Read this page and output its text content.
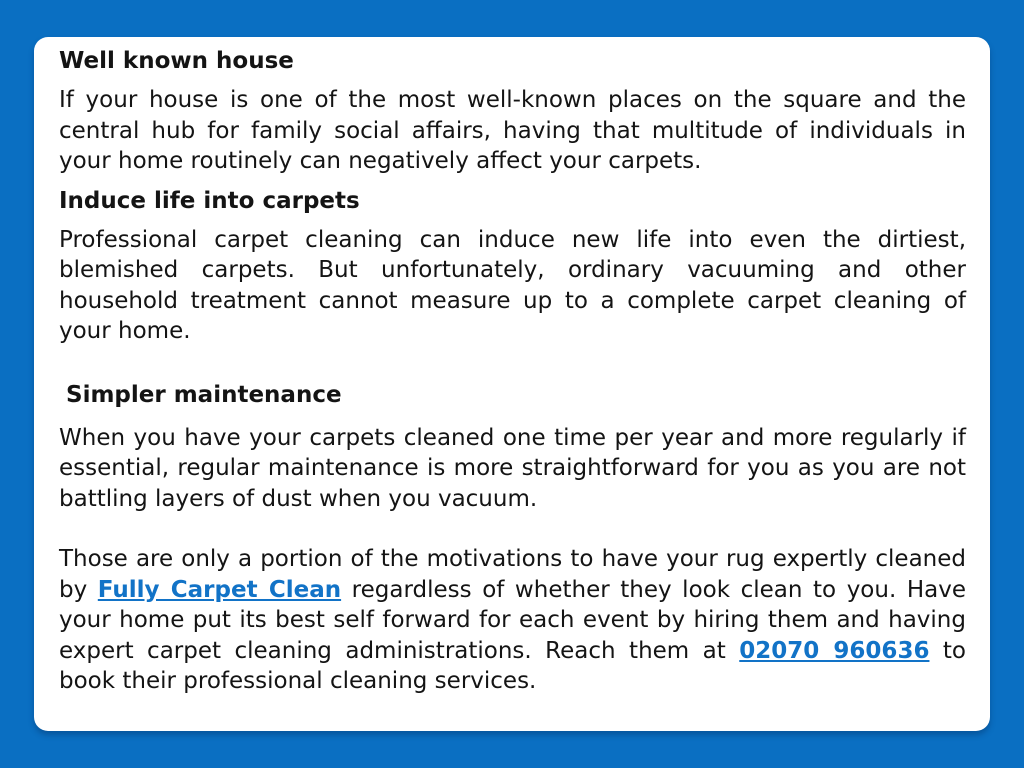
Well known house

If your house is one of the most well-known places on the square and the central hub for family social affairs, having that multitude of individuals in your home routinely can negatively affect your carpets.

Induce life into carpets

Professional carpet cleaning can induce new life into even the dirtiest, blemished carpets. But unfortunately, ordinary vacuuming and other household treatment cannot measure up to a complete carpet cleaning of your home.

Simpler maintenance

When you have your carpets cleaned one time per year and more regularly if essential, regular maintenance is more straightforward for you as you are not battling layers of dust when you vacuum.

Those are only a portion of the motivations to have your rug expertly cleaned by Fully Carpet Clean regardless of whether they look clean to you. Have your home put its best self forward for each event by hiring them and having expert carpet cleaning administrations. Reach them at 02070 960636 to book their professional cleaning services.
